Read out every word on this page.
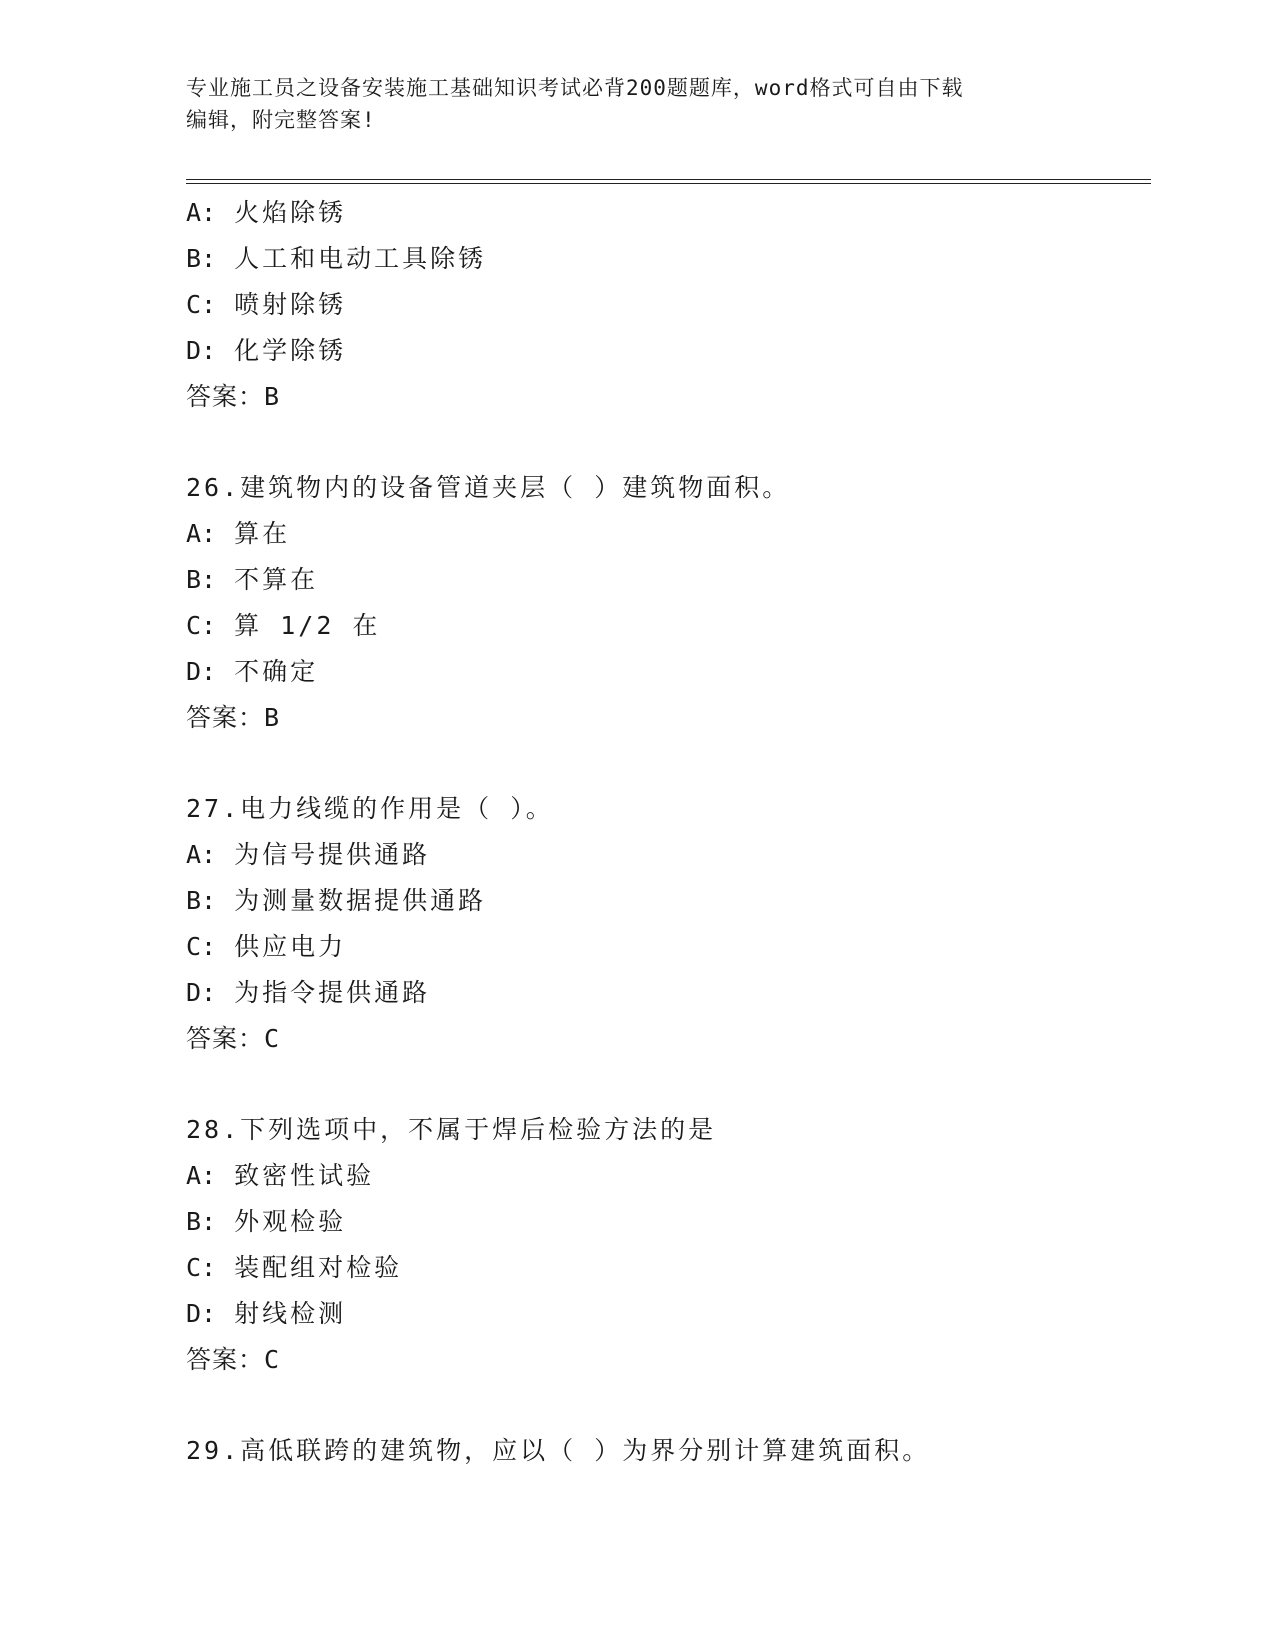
专业施工员之设备安装施工基础知识考试必背200题题库，word格式可自由下载
编辑，附完整答案!
A: 火焰除锈
B: 人工和电动工具除锈
C: 喷射除锈
D: 化学除锈
答案：B
26.建筑物内的设备管道夹层（ ）建筑物面积。
A: 算在
B: 不算在
C: 算 1/2 在
D: 不确定
答案：B
27.电力线缆的作用是（ ）。
A: 为信号提供通路
B: 为测量数据提供通路
C: 供应电力
D: 为指令提供通路
答案：C
28.下列选项中，不属于焊后检验方法的是
A: 致密性试验
B: 外观检验
C: 装配组对检验
D: 射线检测
答案：C
29.高低联跨的建筑物，应以（ ）为界分别计算建筑面积。
